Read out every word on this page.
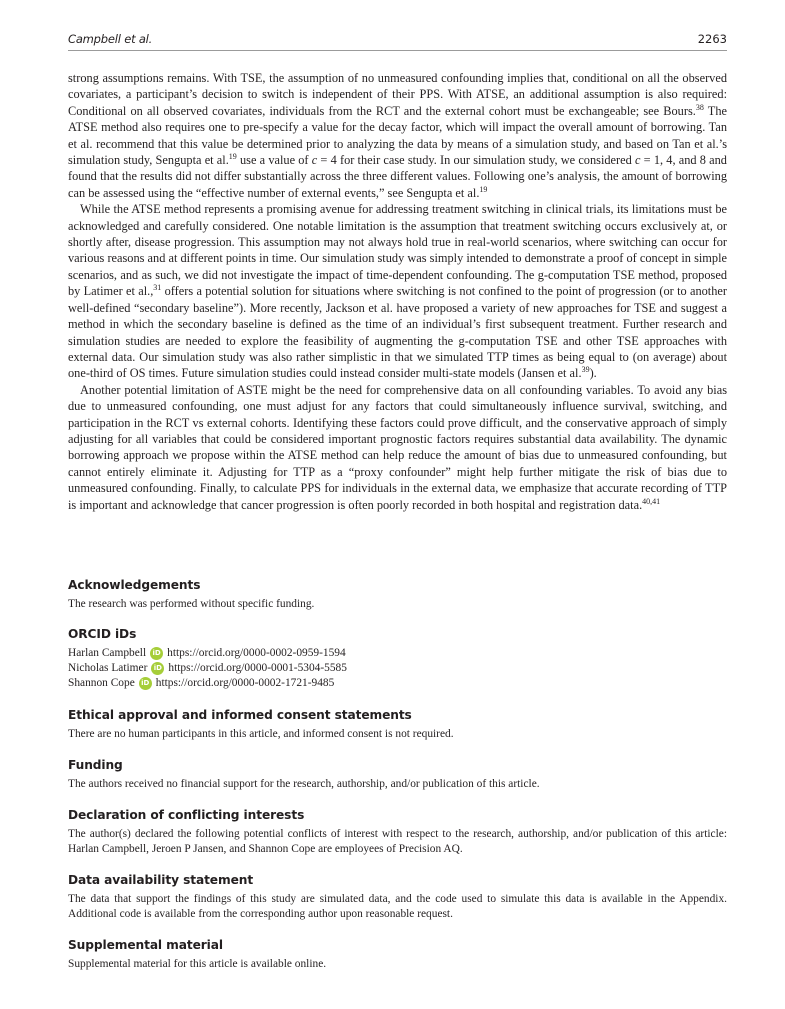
Campbell et al.	2263

strong assumptions remains. With TSE, the assumption of no unmeasured confounding implies that, conditional on all the observed covariates, a participant’s decision to switch is independent of their PPS. With ATSE, an additional assumption is also required: Conditional on all observed covariates, individuals from the RCT and the external cohort must be exchangeable; see Bours.$^{38}$ The ATSE method also requires one to pre-specify a value for the decay factor, which will impact the overall amount of borrowing. Tan et al. recommend that this value be determined prior to analyzing the data by means of a simulation study, and based on Tan et al.’s simulation study, Sengupta et al.$^{19}$ use a value of c = 4 for their case study. In our simulation study, we considered c = 1, 4, and 8 and found that the results did not differ substantially across the three different values. Following one’s analysis, the amount of borrowing can be assessed using the “effective number of external events,” see Sengupta et al.$^{19}$

While the ATSE method represents a promising avenue for addressing treatment switching in clinical trials, its limitations must be acknowledged and carefully considered. One notable limitation is the assumption that treatment switching occurs exclusively at, or shortly after, disease progression. This assumption may not always hold true in real-world scenarios, where switching can occur for various reasons and at different points in time. Our simulation study was simply intended to demonstrate a proof of concept in simple scenarios, and as such, we did not investigate the impact of time-dependent confounding. The g-computation TSE method, proposed by Latimer et al.,$^{31}$ offers a potential solution for situations where switching is not confined to the point of progression (or to another well-defined “secondary baseline”). More recently, Jackson et al. have proposed a variety of new approaches for TSE and suggest a method in which the secondary baseline is defined as the time of an individual’s first subsequent treatment. Further research and simulation studies are needed to explore the feasibility of augmenting the g-computation TSE and other TSE approaches with external data. Our simulation study was also rather simplistic in that we simulated TTP times as being equal to (on average) about one-third of OS times. Future simulation studies could instead consider multi-state models (Jansen et al.$^{39}$).

Another potential limitation of ASTE might be the need for comprehensive data on all confounding variables. To avoid any bias due to unmeasured confounding, one must adjust for any factors that could simultaneously influence survival, switching, and participation in the RCT vs external cohorts. Identifying these factors could prove difficult, and the conservative approach of simply adjusting for all variables that could be considered important prognostic factors requires substantial data availability. The dynamic borrowing approach we propose within the ATSE method can help reduce the amount of bias due to unmeasured confounding, but cannot entirely eliminate it. Adjusting for TTP as a “proxy confounder” might help further mitigate the risk of bias due to unmeasured confounding. Finally, to calculate PPS for individuals in the external data, we emphasize that accurate recording of TTP is important and acknowledge that cancer progression is often poorly recorded in both hospital and registration data.$^{40,41}$

Acknowledgements
The research was performed without specific funding.
ORCID iDs
Harlan Campbell iD https://orcid.org/0000-0002-0959-1594
Nicholas Latimer iD https://orcid.org/0000-0001-5304-5585
Shannon Cope iD https://orcid.org/0000-0002-1721-9485
Ethical approval and informed consent statements
There are no human participants in this article, and informed consent is not required.
Funding
The authors received no financial support for the research, authorship, and/or publication of this article.
Declaration of conflicting interests
The author(s) declared the following potential conflicts of interest with respect to the research, authorship, and/or publication of this article: Harlan Campbell, Jeroen P Jansen, and Shannon Cope are employees of Precision AQ.
Data availability statement
The data that support the findings of this study are simulated data, and the code used to simulate this data is available in the Appendix. Additional code is available from the corresponding author upon reasonable request.
Supplemental material
Supplemental material for this article is available online.
